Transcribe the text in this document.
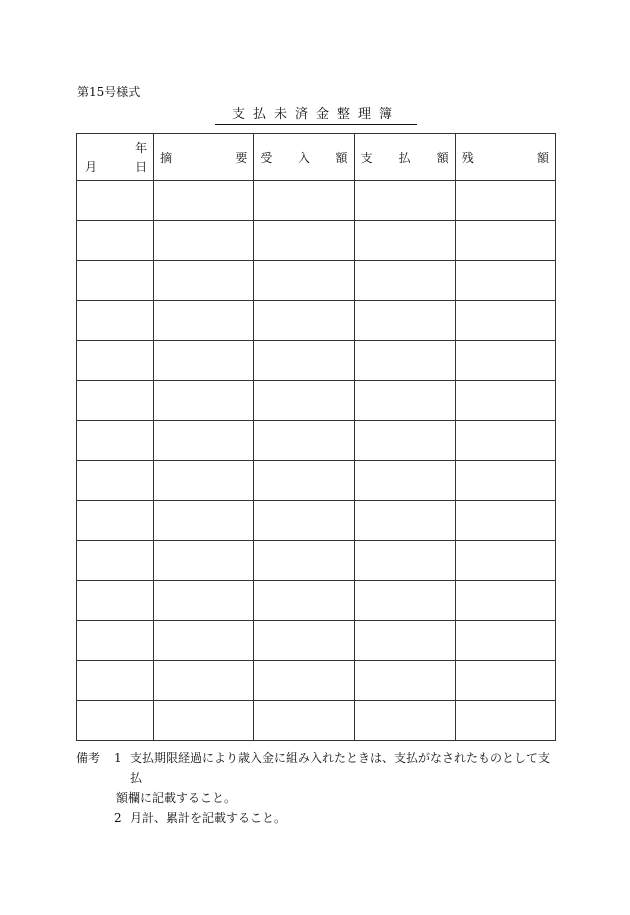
第15号様式
支払未済金整理簿
年
月 日	摘 要	受 入 額	支 払 額	残 額

備考	1 支払期限経過により歳入金に組み入れたときは、支払がなされたものとして支払
額欄に記載すること。
2 月計、累計を記載すること。
